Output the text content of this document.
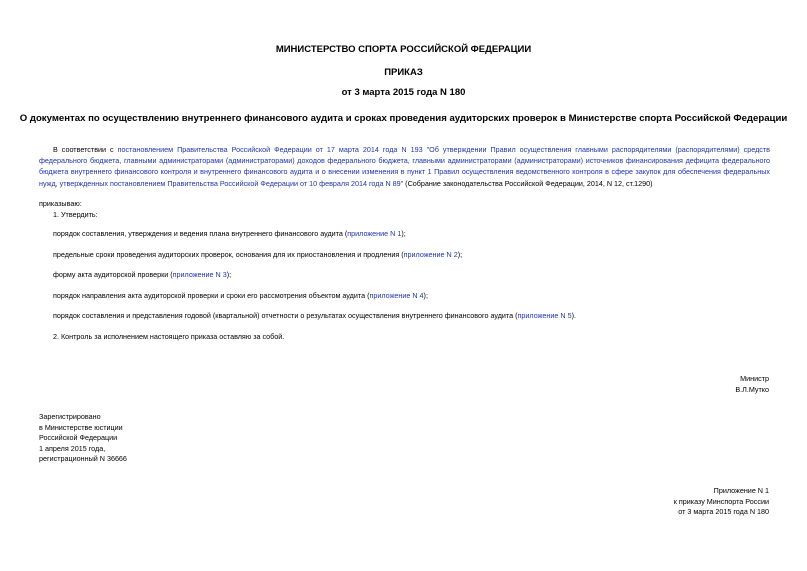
МИНИСТЕРСТВО СПОРТА РОССИЙСКОЙ ФЕДЕРАЦИИ
ПРИКАЗ
от 3 марта 2015 года N 180
О документах по осуществлению внутреннего финансового аудита и сроках проведения аудиторских проверок в Министерстве спорта Российской Федерации
В соответствии с постановлением Правительства Российской Федерации от 17 марта 2014 года N 193 "Об утверждении Правил осуществления главными распорядителями (распорядителями) средств федерального бюджета, главными администраторами (администраторами) доходов федерального бюджета, главными администраторами (администраторами) источников финансирования дефицита федерального бюджета внутреннего финансового контроля и внутреннего финансового аудита и о внесении изменения в пункт 1 Правил осуществления ведомственного контроля в сфере закупок для обеспечения федеральных нужд, утвержденных постановлением Правительства Российской Федерации от 10 февраля 2014 года N 89" (Собрание законодательства Российской Федерации, 2014, N 12, ст.1290)
приказываю:
1. Утвердить:
порядок составления, утверждения и ведения плана внутреннего финансового аудита (приложение N 1);
предельные сроки проведения аудиторских проверок, основания для их приостановления и продления (приложение N 2);
форму акта аудиторской проверки (приложение N 3);
порядок направления акта аудиторской проверки и сроки его рассмотрения объектом аудита (приложение N 4);
порядок составления и представления годовой (квартальной) отчетности о результатах осуществления внутреннего финансового аудита (приложение N 5).
2. Контроль за исполнением настоящего приказа оставляю за собой.
Министр
В.Л.Мутко
Зарегистрировано
в Министерстве юстиции
Российской Федерации
1 апреля 2015 года,
регистрационный N 36666
Приложение N 1
к приказу Минспорта России
от 3 марта 2015 года N 180
